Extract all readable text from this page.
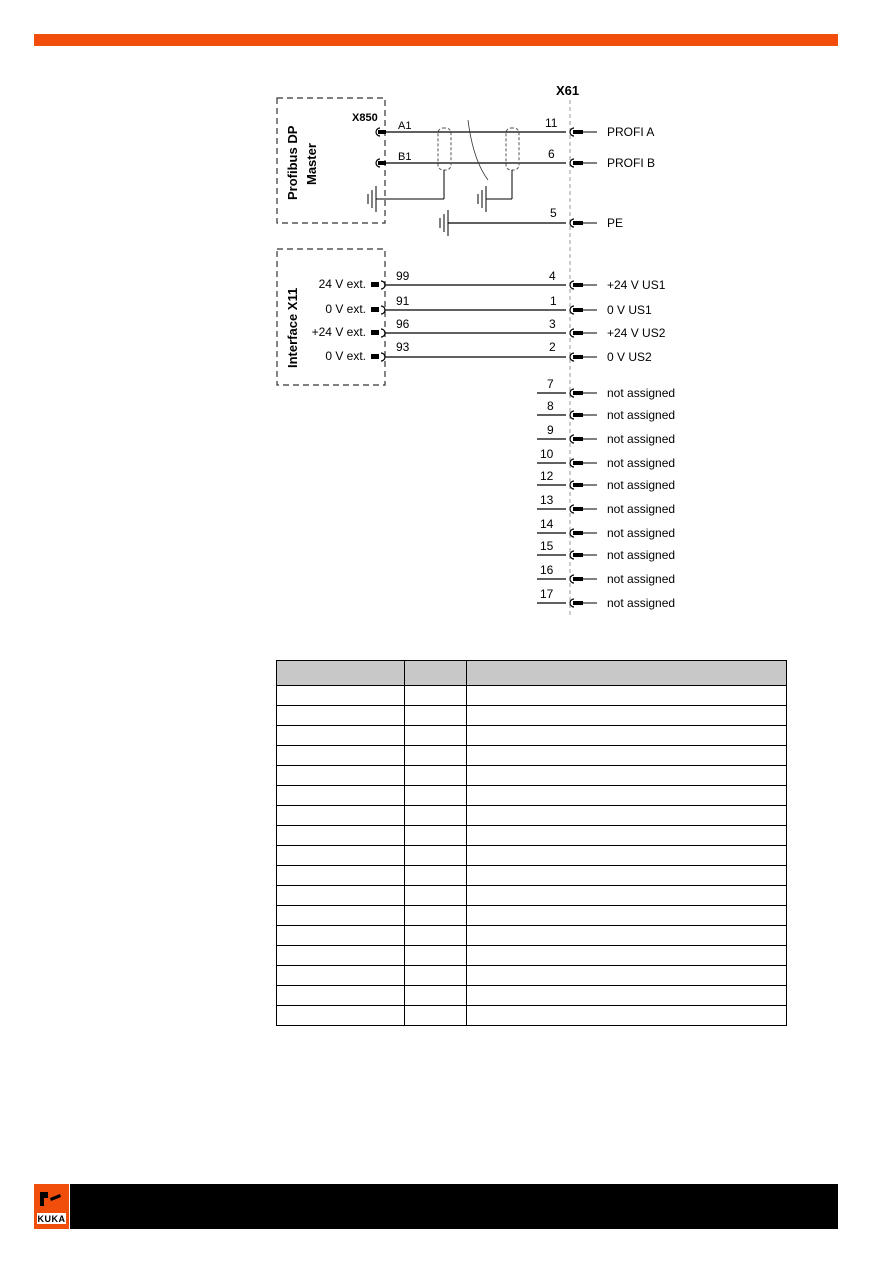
X61
Profibus DP Master
X850
A1	11
PROFI A
B1	6
PROFI B
5
PE
Interface X11
24 V ext.
99	4
+24 V US1
0 V ext.
91	1
0 V US1
+24 V ext.
96	3
+24 V US2
0 V ext.
93	2
0 V US2
7
not assigned
8
not assigned
9
not assigned
10
not assigned
12
not assigned
13
not assigned
14
not assigned
15
not assigned
16
not assigned
17
not assigned

KUKA
